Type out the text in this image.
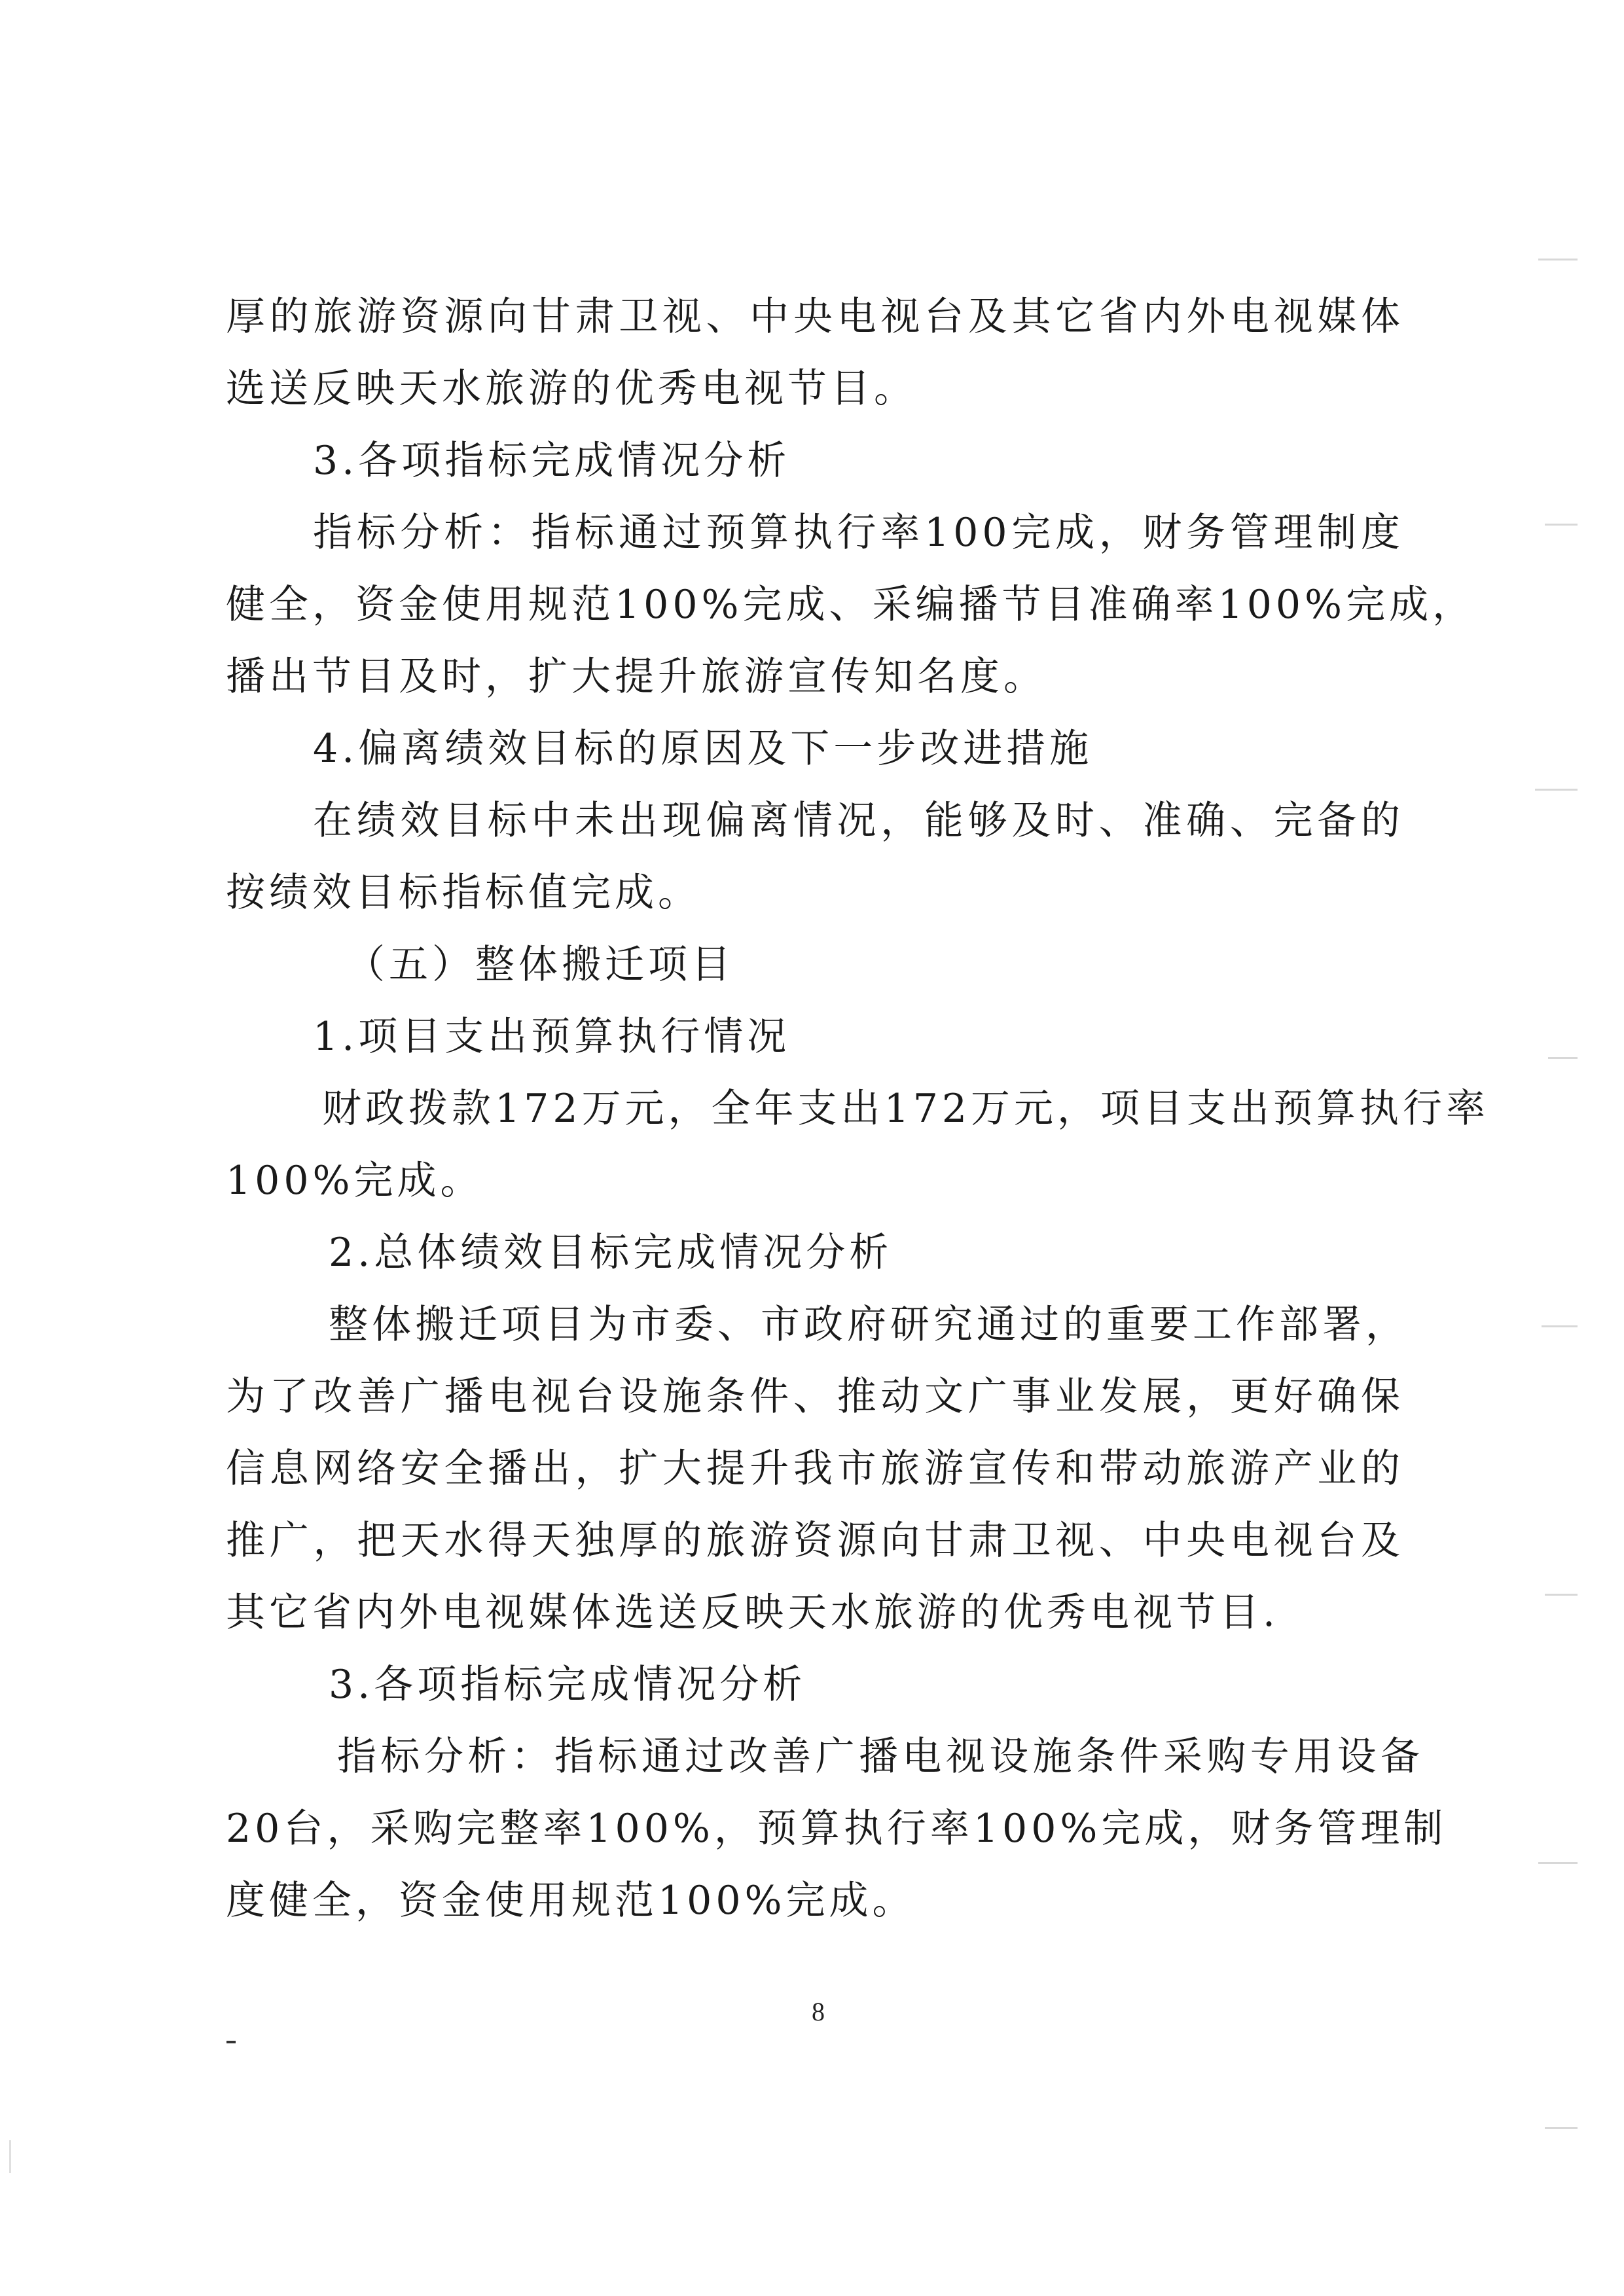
厚的旅游资源向甘肃卫视、中央电视台及其它省内外电视媒体
选送反映天水旅游的优秀电视节目。
3.各项指标完成情况分析
指标分析：指标通过预算执行率100完成，财务管理制度
健全，资金使用规范100%完成、采编播节目准确率100%完成，
播出节目及时，扩大提升旅游宣传知名度。
4.偏离绩效目标的原因及下一步改进措施
在绩效目标中未出现偏离情况，能够及时、准确、完备的
按绩效目标指标值完成。
（五）整体搬迁项目
1.项目支出预算执行情况
财政拨款172万元，全年支出172万元，项目支出预算执行率
100%完成。
2.总体绩效目标完成情况分析
整体搬迁项目为市委、市政府研究通过的重要工作部署，
为了改善广播电视台设施条件、推动文广事业发展，更好确保
信息网络安全播出，扩大提升我市旅游宣传和带动旅游产业的
推广，把天水得天独厚的旅游资源向甘肃卫视、中央电视台及
其它省内外电视媒体选送反映天水旅游的优秀电视节目.
3.各项指标完成情况分析
指标分析：指标通过改善广播电视设施条件采购专用设备
20台，采购完整率100%，预算执行率100%完成，财务管理制
度健全，资金使用规范100%完成。
8
